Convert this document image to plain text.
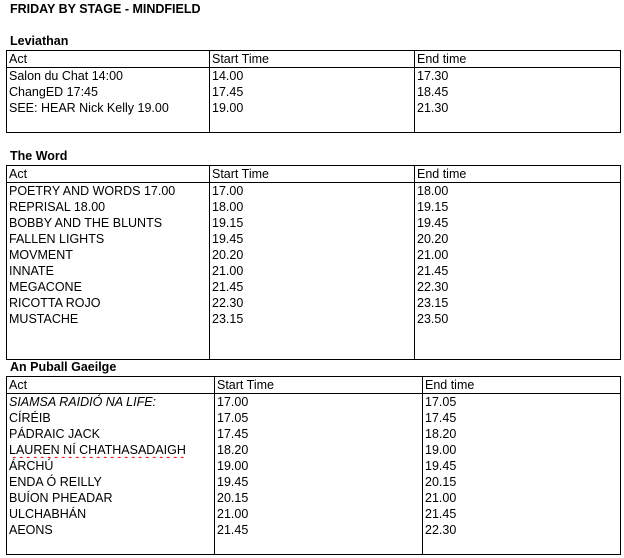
FRIDAY BY STAGE - MINDFIELD
Leviathan
Act	Start Time	End time
Salon du Chat 14:00	14.00	17.30
ChangED 17:45	17.45	18.45
SEE: HEAR Nick Kelly 19.00	19.00	21.30

The Word
Act	Start Time	End time
POETRY AND WORDS 17.00	17.00	18.00
REPRISAL 18.00	18.00	19.15
BOBBY AND THE BLUNTS	19.15	19.45
FALLEN LIGHTS	19.45	20.20
MOVMENT	20.20	21.00
INNATE	21.00	21.45
MEGACONE	21.45	22.30
RICOTTA ROJO	22.30	23.15
MUSTACHE	23.15	23.50

An Puball Gaeilge
Act	Start Time	End time
SIAMSA RAIDIÓ NA LIFE:	17.00	17.05
CÍRÉIB	17.05	17.45
PÁDRAIC JACK	17.45	18.20
LAUREN NÍ CHATHASADAIGH	18.20	19.00
ÁRCHÚ	19.00	19.45
ENDA Ó REILLY	19.45	20.15
BUÍON PHEADAR	20.15	21.00
ULCHABHÁN	21.00	21.45
AEONS	21.45	22.30
